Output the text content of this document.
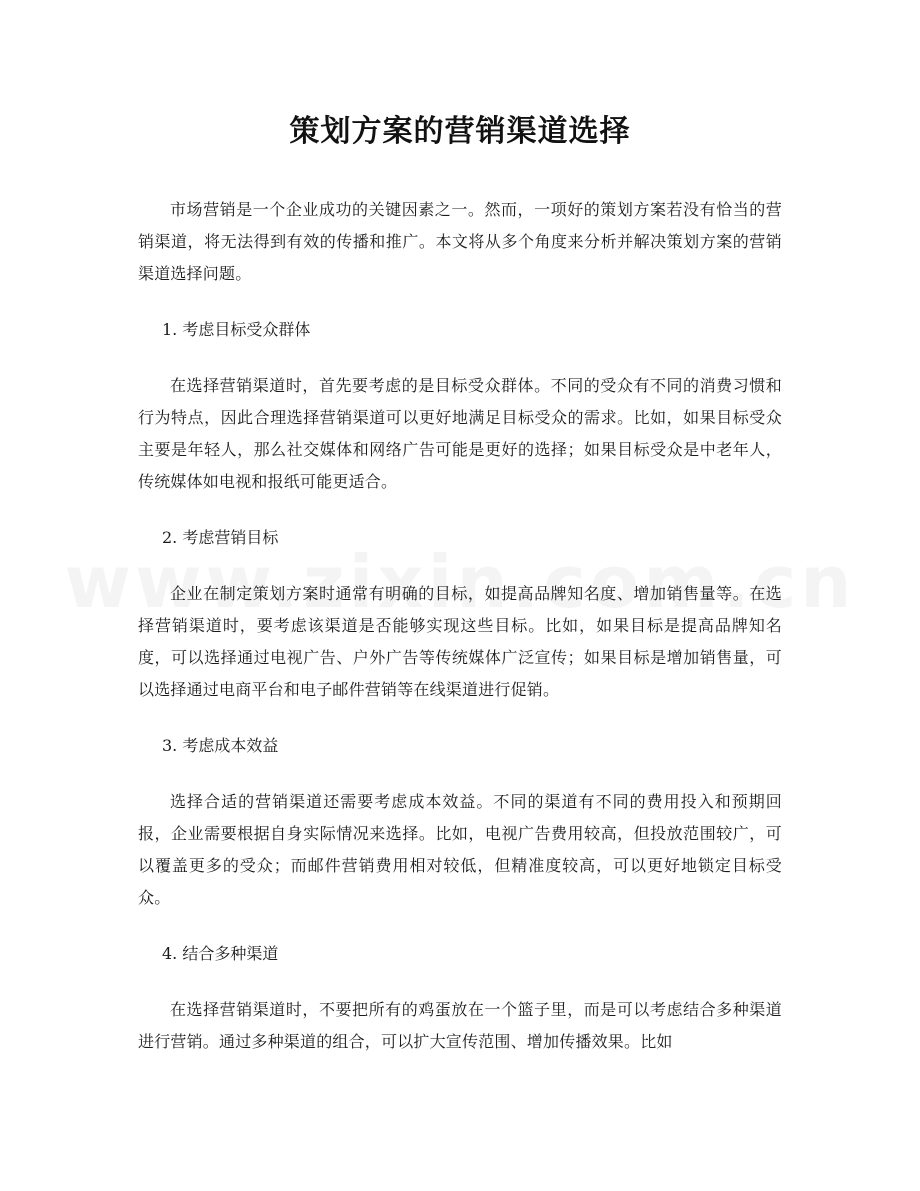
策划方案的营销渠道选择

市场营销是一个企业成功的关键因素之一。然而，一项好的策划方案若没有恰当的营销渠道，将无法得到有效的传播和推广。本文将从多个角度来分析并解决策划方案的营销渠道选择问题。

1. 考虑目标受众群体

在选择营销渠道时，首先要考虑的是目标受众群体。不同的受众有不同的消费习惯和行为特点，因此合理选择营销渠道可以更好地满足目标受众的需求。比如，如果目标受众主要是年轻人，那么社交媒体和网络广告可能是更好的选择；如果目标受众是中老年人，传统媒体如电视和报纸可能更适合。

2. 考虑营销目标

企业在制定策划方案时通常有明确的目标，如提高品牌知名度、增加销售量等。在选择营销渠道时，要考虑该渠道是否能够实现这些目标。比如，如果目标是提高品牌知名度，可以选择通过电视广告、户外广告等传统媒体广泛宣传；如果目标是增加销售量，可以选择通过电商平台和电子邮件营销等在线渠道进行促销。

3. 考虑成本效益

选择合适的营销渠道还需要考虑成本效益。不同的渠道有不同的费用投入和预期回报，企业需要根据自身实际情况来选择。比如，电视广告费用较高，但投放范围较广，可以覆盖更多的受众；而邮件营销费用相对较低，但精准度较高，可以更好地锁定目标受众。

4. 结合多种渠道

在选择营销渠道时，不要把所有的鸡蛋放在一个篮子里，而是可以考虑结合多种渠道进行营销。通过多种渠道的组合，可以扩大宣传范围、增加传播效果。比如
